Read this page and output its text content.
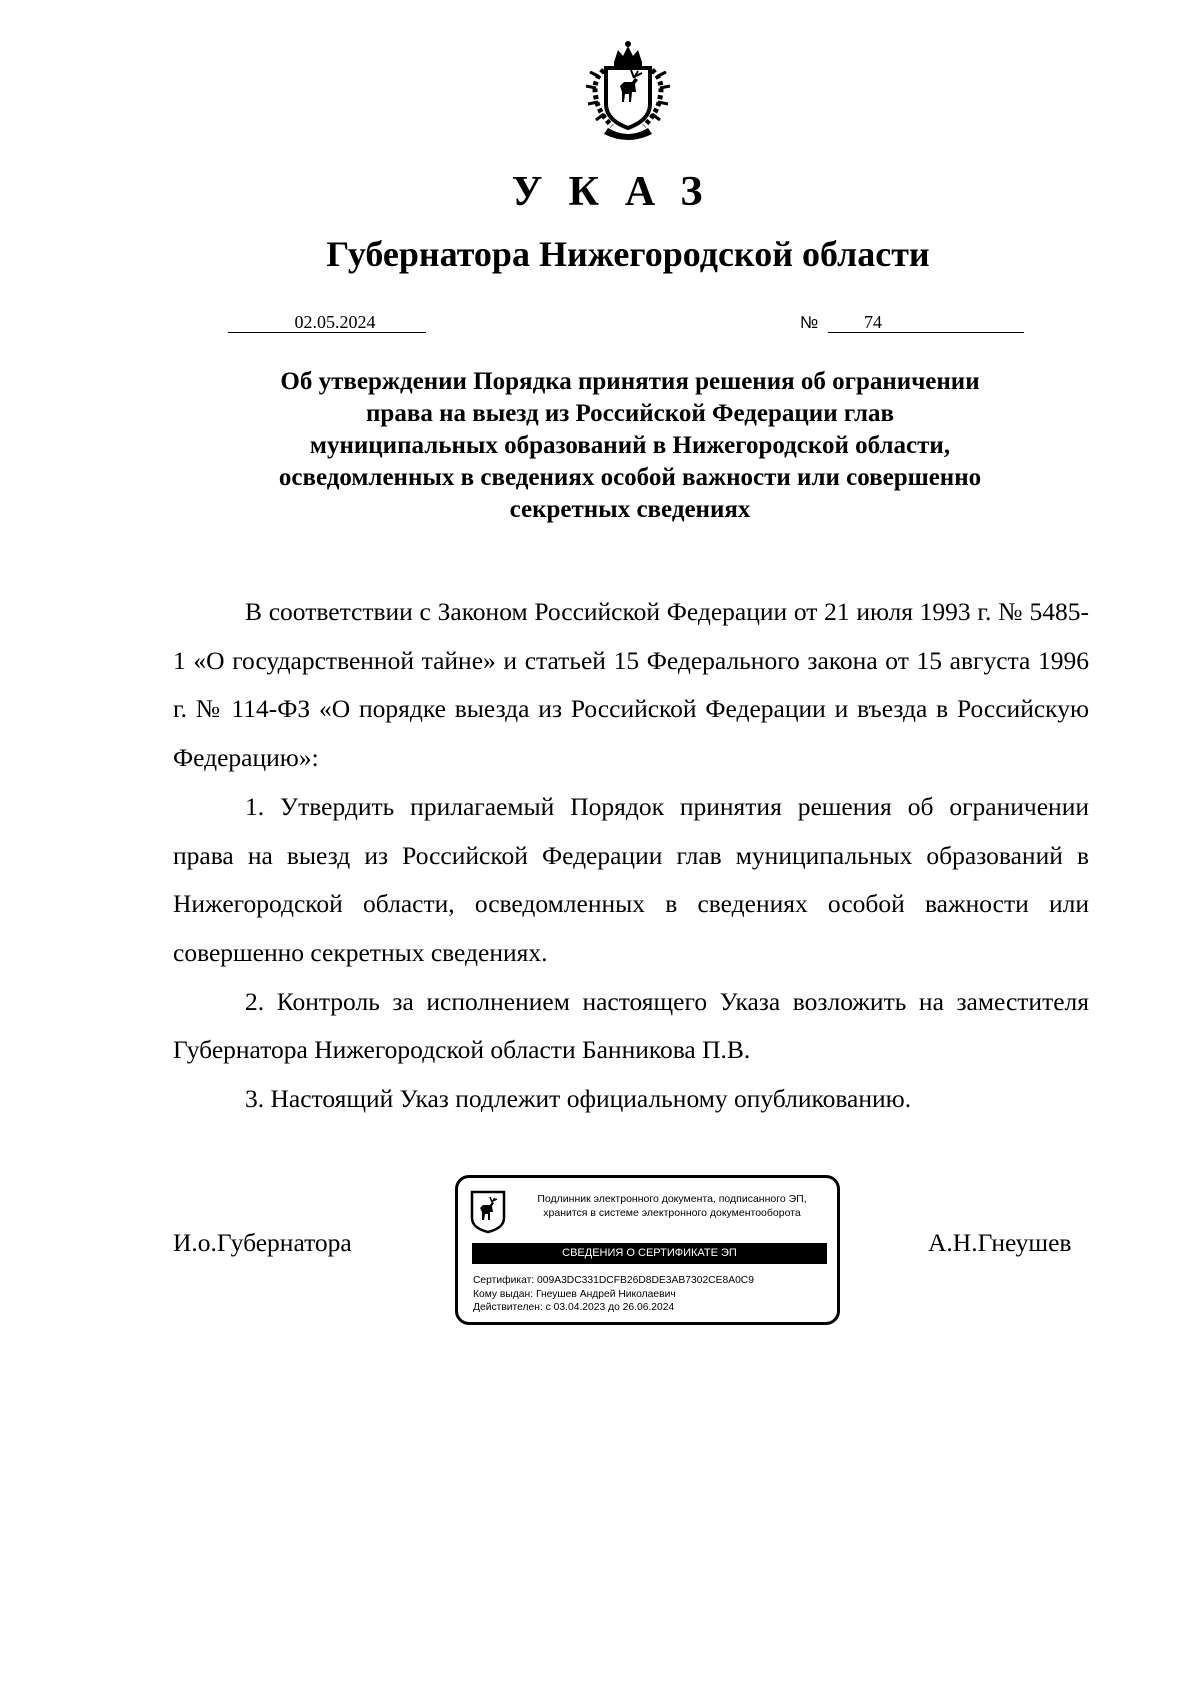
УКАЗ
Губернатора Нижегородской области
02.05.2024	№	74
Об утверждении Порядка принятия решения об ограничении
права на выезд из Российской Федерации глав
муниципальных образований в Нижегородской области,
осведомленных в сведениях особой важности или совершенно
секретных сведениях

В соответствии с Законом Российской Федерации от 21 июля 1993 г. № 5485-1 «О государственной тайне» и статьей 15 Федерального закона от 15 августа 1996 г. № 114-ФЗ «О порядке выезда из Российской Федерации и въезда в Российскую Федерацию»:

1. Утвердить прилагаемый Порядок принятия решения об ограничении права на выезд из Российской Федерации глав муниципальных образований в Нижегородской области, осведомленных в сведениях особой важности или совершенно секретных сведениях.

2. Контроль за исполнением настоящего Указа возложить на заместителя Губернатора Нижегородской области Банникова П.В.

3. Настоящий Указ подлежит официальному опубликованию.

И.о.Губернатора	А.Н.Гнеушев
Подлинник электронного документа, подписанного ЭП,
хранится в системе электронного документооборота
СВЕДЕНИЯ О СЕРТИФИКАТЕ ЭП
Сертификат: 009A3DC331DCFB26D8DE3AB7302CE8A0C9
Кому выдан: Гнеушев Андрей Николаевич
Действителен: с 03.04.2023 до 26.06.2024
